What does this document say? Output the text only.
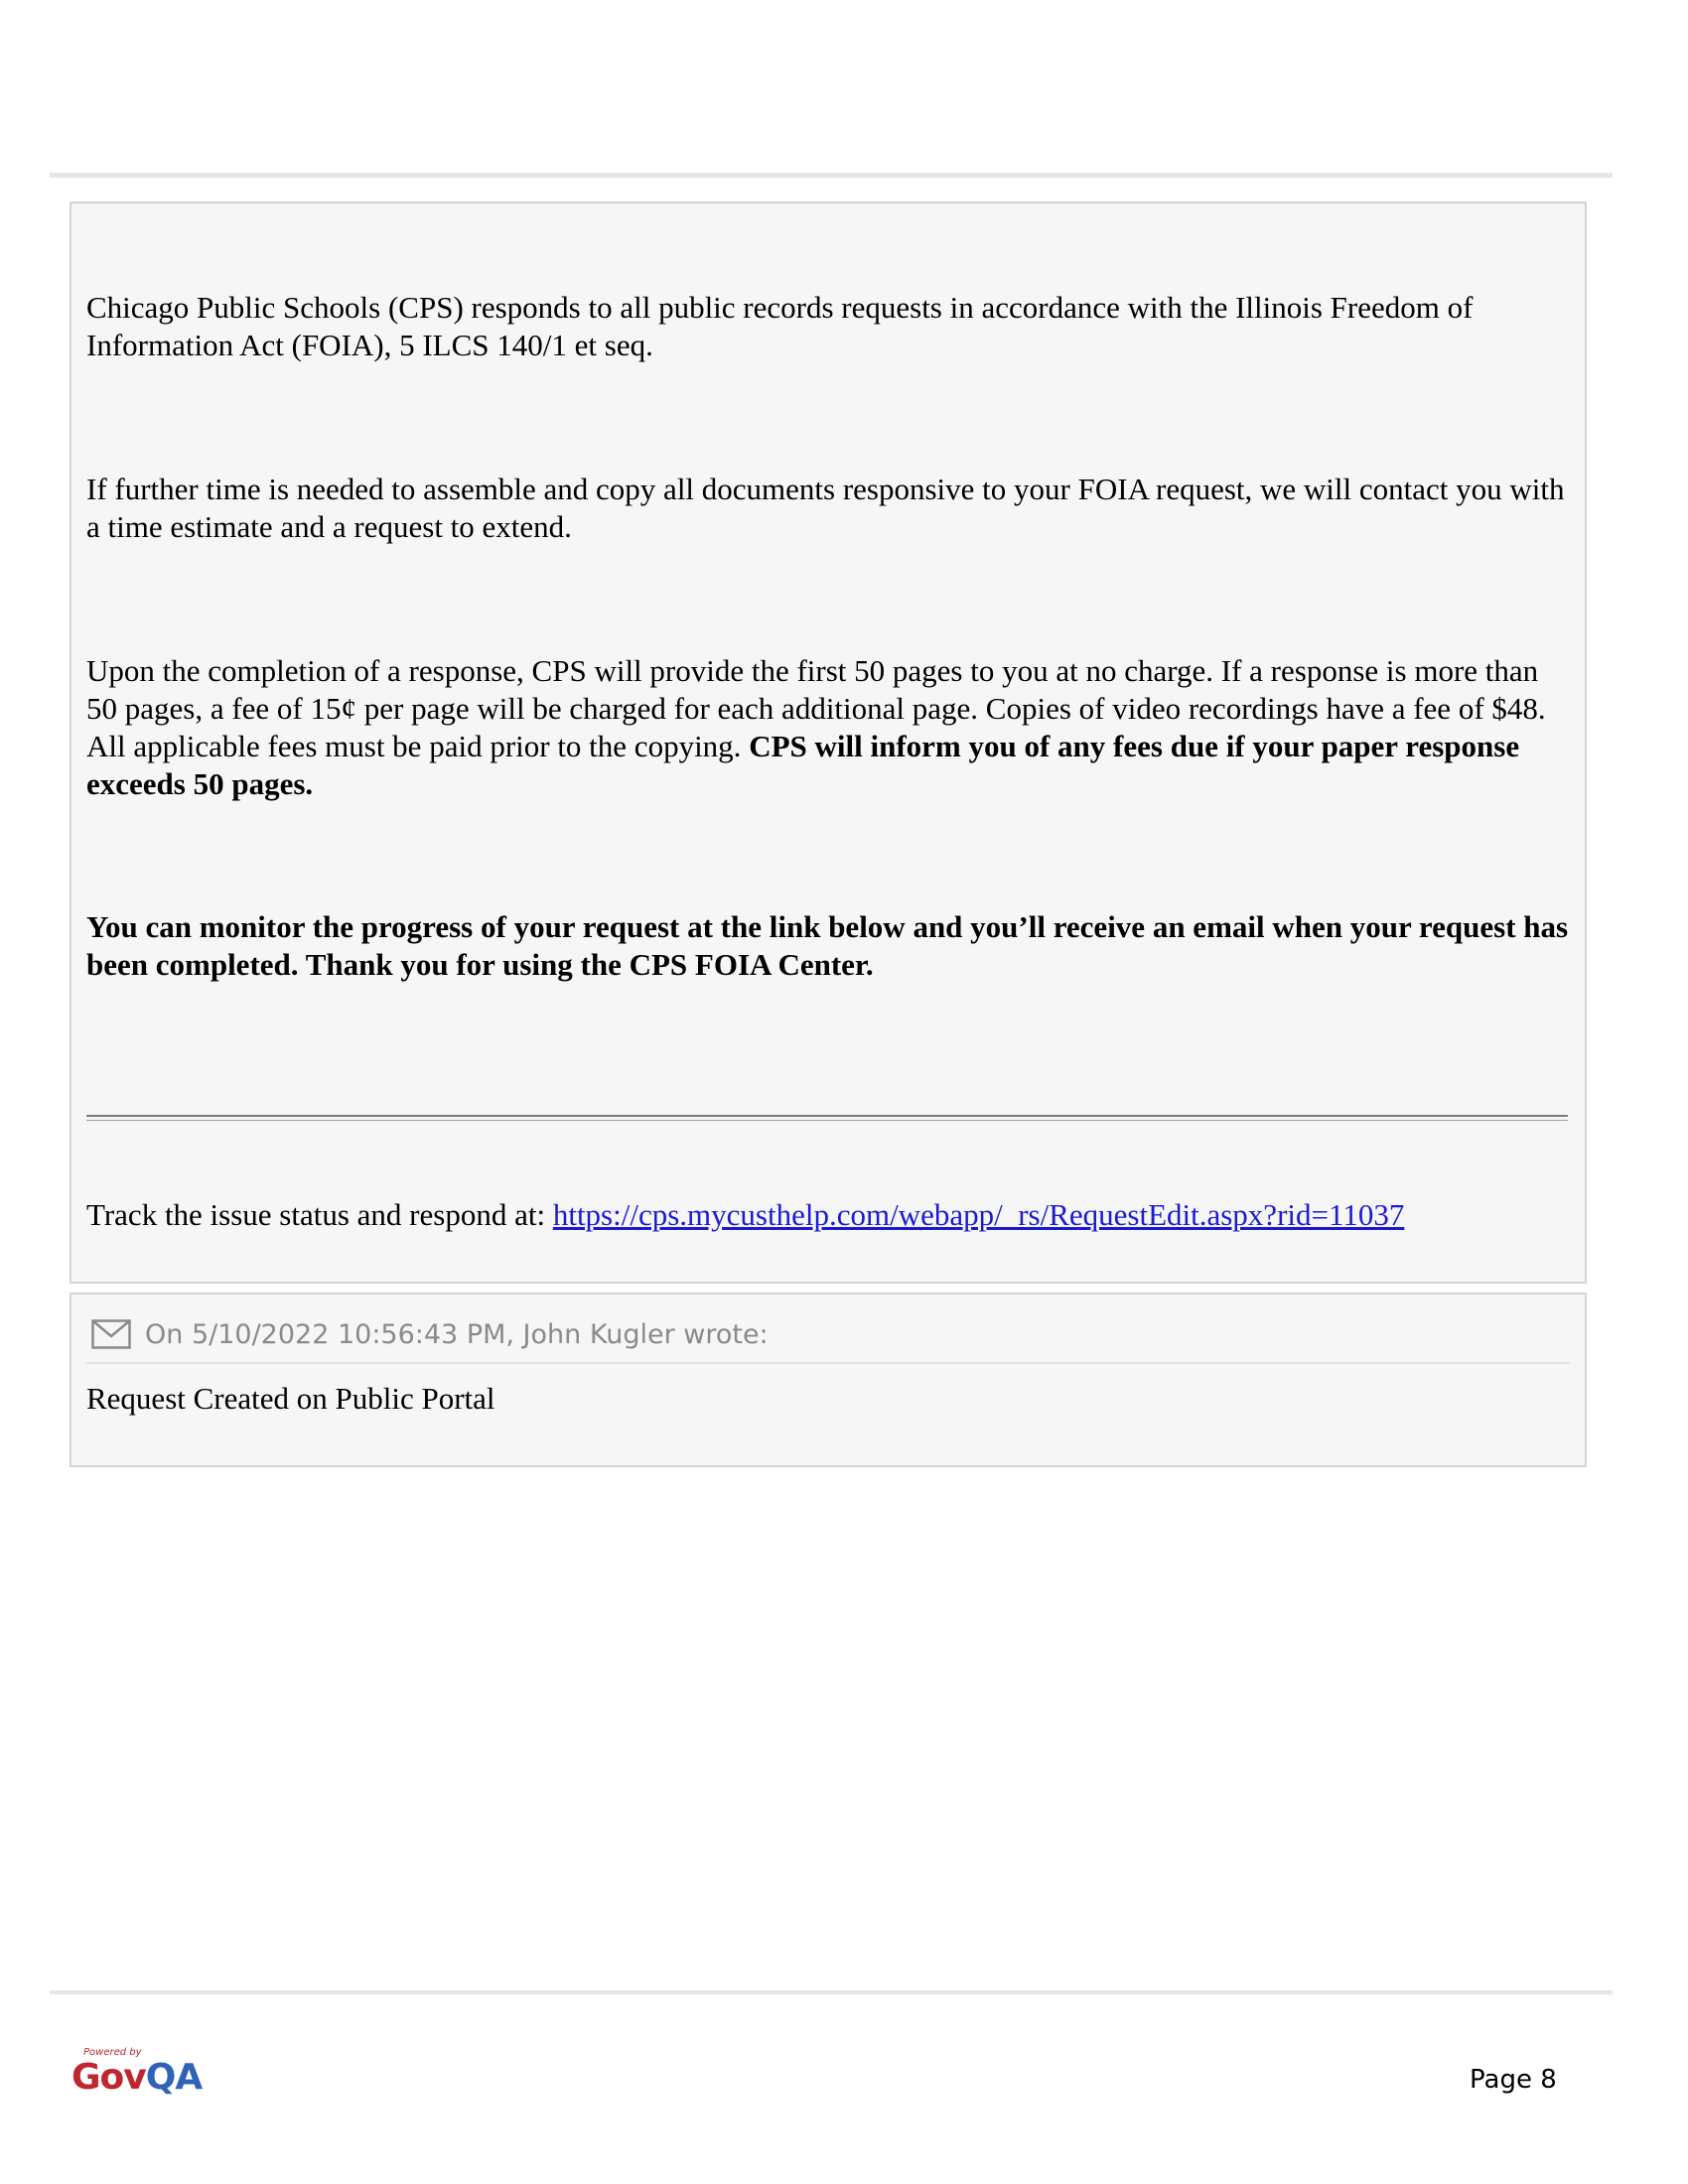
Chicago Public Schools (CPS) responds to all public records requests in accordance with the Illinois Freedom of Information Act (FOIA), 5 ILCS 140/1 et seq.

If further time is needed to assemble and copy all documents responsive to your FOIA request, we will contact you with a time estimate and a request to extend.

Upon the completion of a response, CPS will provide the first 50 pages to you at no charge. If a response is more than 50 pages, a fee of 15¢ per page will be charged for each additional page. Copies of video recordings have a fee of $48. All applicable fees must be paid prior to the copying. CPS will inform you of any fees due if your paper response exceeds 50 pages.

You can monitor the progress of your request at the link below and you’ll receive an email when your request has been completed. Thank you for using the CPS FOIA Center.

Track the issue status and respond at: https://cps.mycusthelp.com/webapp/_rs/RequestEdit.aspx?rid=11037
On 5/10/2022 10:56:43 PM, John Kugler wrote:
Request Created on Public Portal
Powered by
GovQA	Page 8
